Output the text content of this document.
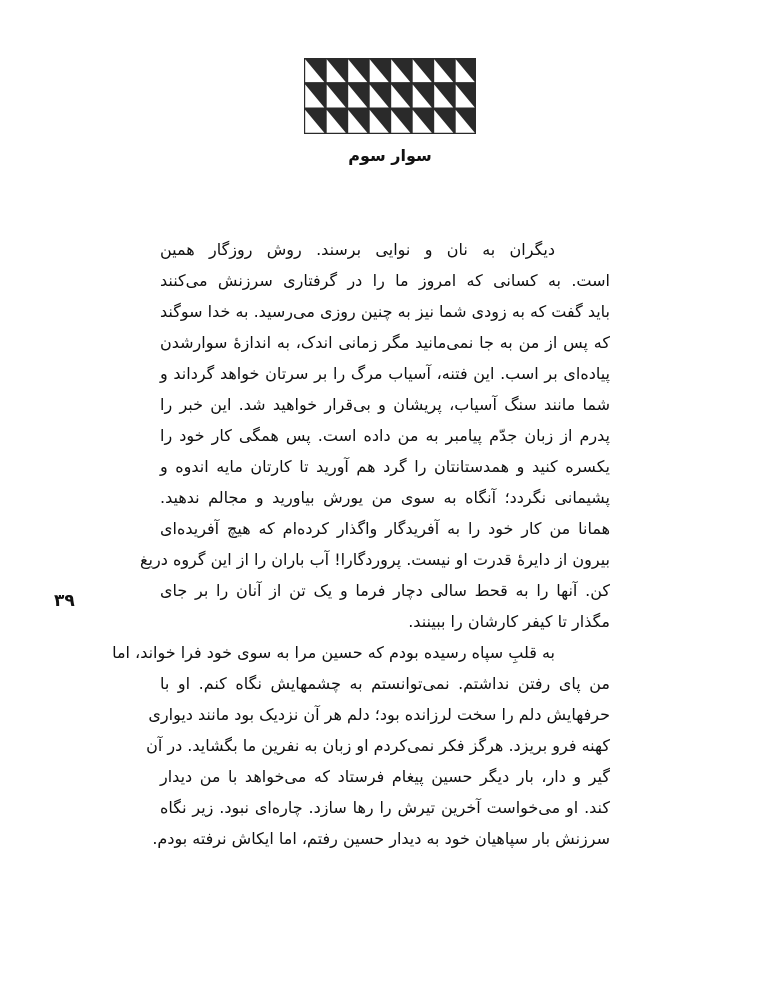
سوار سوم
دیگران به نان و نوایی برسند. روش روزگار همین
است. به کسانی که امروز ما را در گرفتاری سرزنش می‌کنند
باید گفت که به زودی شما نیز به چنین روزی می‌رسید. به خدا سوگند
که پس از من به جا نمی‌مانید مگر زمانی اندک، به اندازهٔ سوارشدن
پیاده‌ای بر اسب. این فتنه، آسیاب مرگ را بر سرتان خواهد گرداند و
شما مانند سنگ آسیاب، پریشان و بی‌قرار خواهید شد. این خبر را
پدرم از زبان جدّم پیامبر به من داده است. پس همگی کار خود را
یکسره کنید و همدستانتان را گرد هم آورید تا کارتان مایه اندوه و
پشیمانی نگردد؛ آنگاه به سوی من یورش بیاورید و مجالم ندهید.
همانا من کار خود را به آفریدگار واگذار کرده‌ام که هیچ آفریده‌ای
بیرون از دایرهٔ قدرت او نیست. پروردگارا! آب باران را از این گروه دریغ
کن. آنها را به قحط سالی دچار فرما و یک تن از آنان را بر جای
مگذار تا کیفر کارشان را ببینند.
به قلبِ سپاه رسیده بودم که حسین مرا به سوی خود فرا خواند، اما
من پای رفتن نداشتم. نمی‌توانستم به چشمهایش نگاه کنم. او با
حرفهایش دلم را سخت لرزانده بود؛ دلم هر آن نزدیک بود مانند دیواری
کهنه فرو بریزد. هرگز فکر نمی‌کردم او زبان به نفرین ما بگشاید. در آن
گیر و دار، بار دیگر حسین پیغام فرستاد که می‌خواهد با من دیدار
کند. او می‌خواست آخرین تیرش را رها سازد. چاره‌ای نبود. زیر نگاه
سرزنش بار سپاهیان خود به دیدار حسین رفتم، اما ایکاش نرفته بودم.
۳۹
